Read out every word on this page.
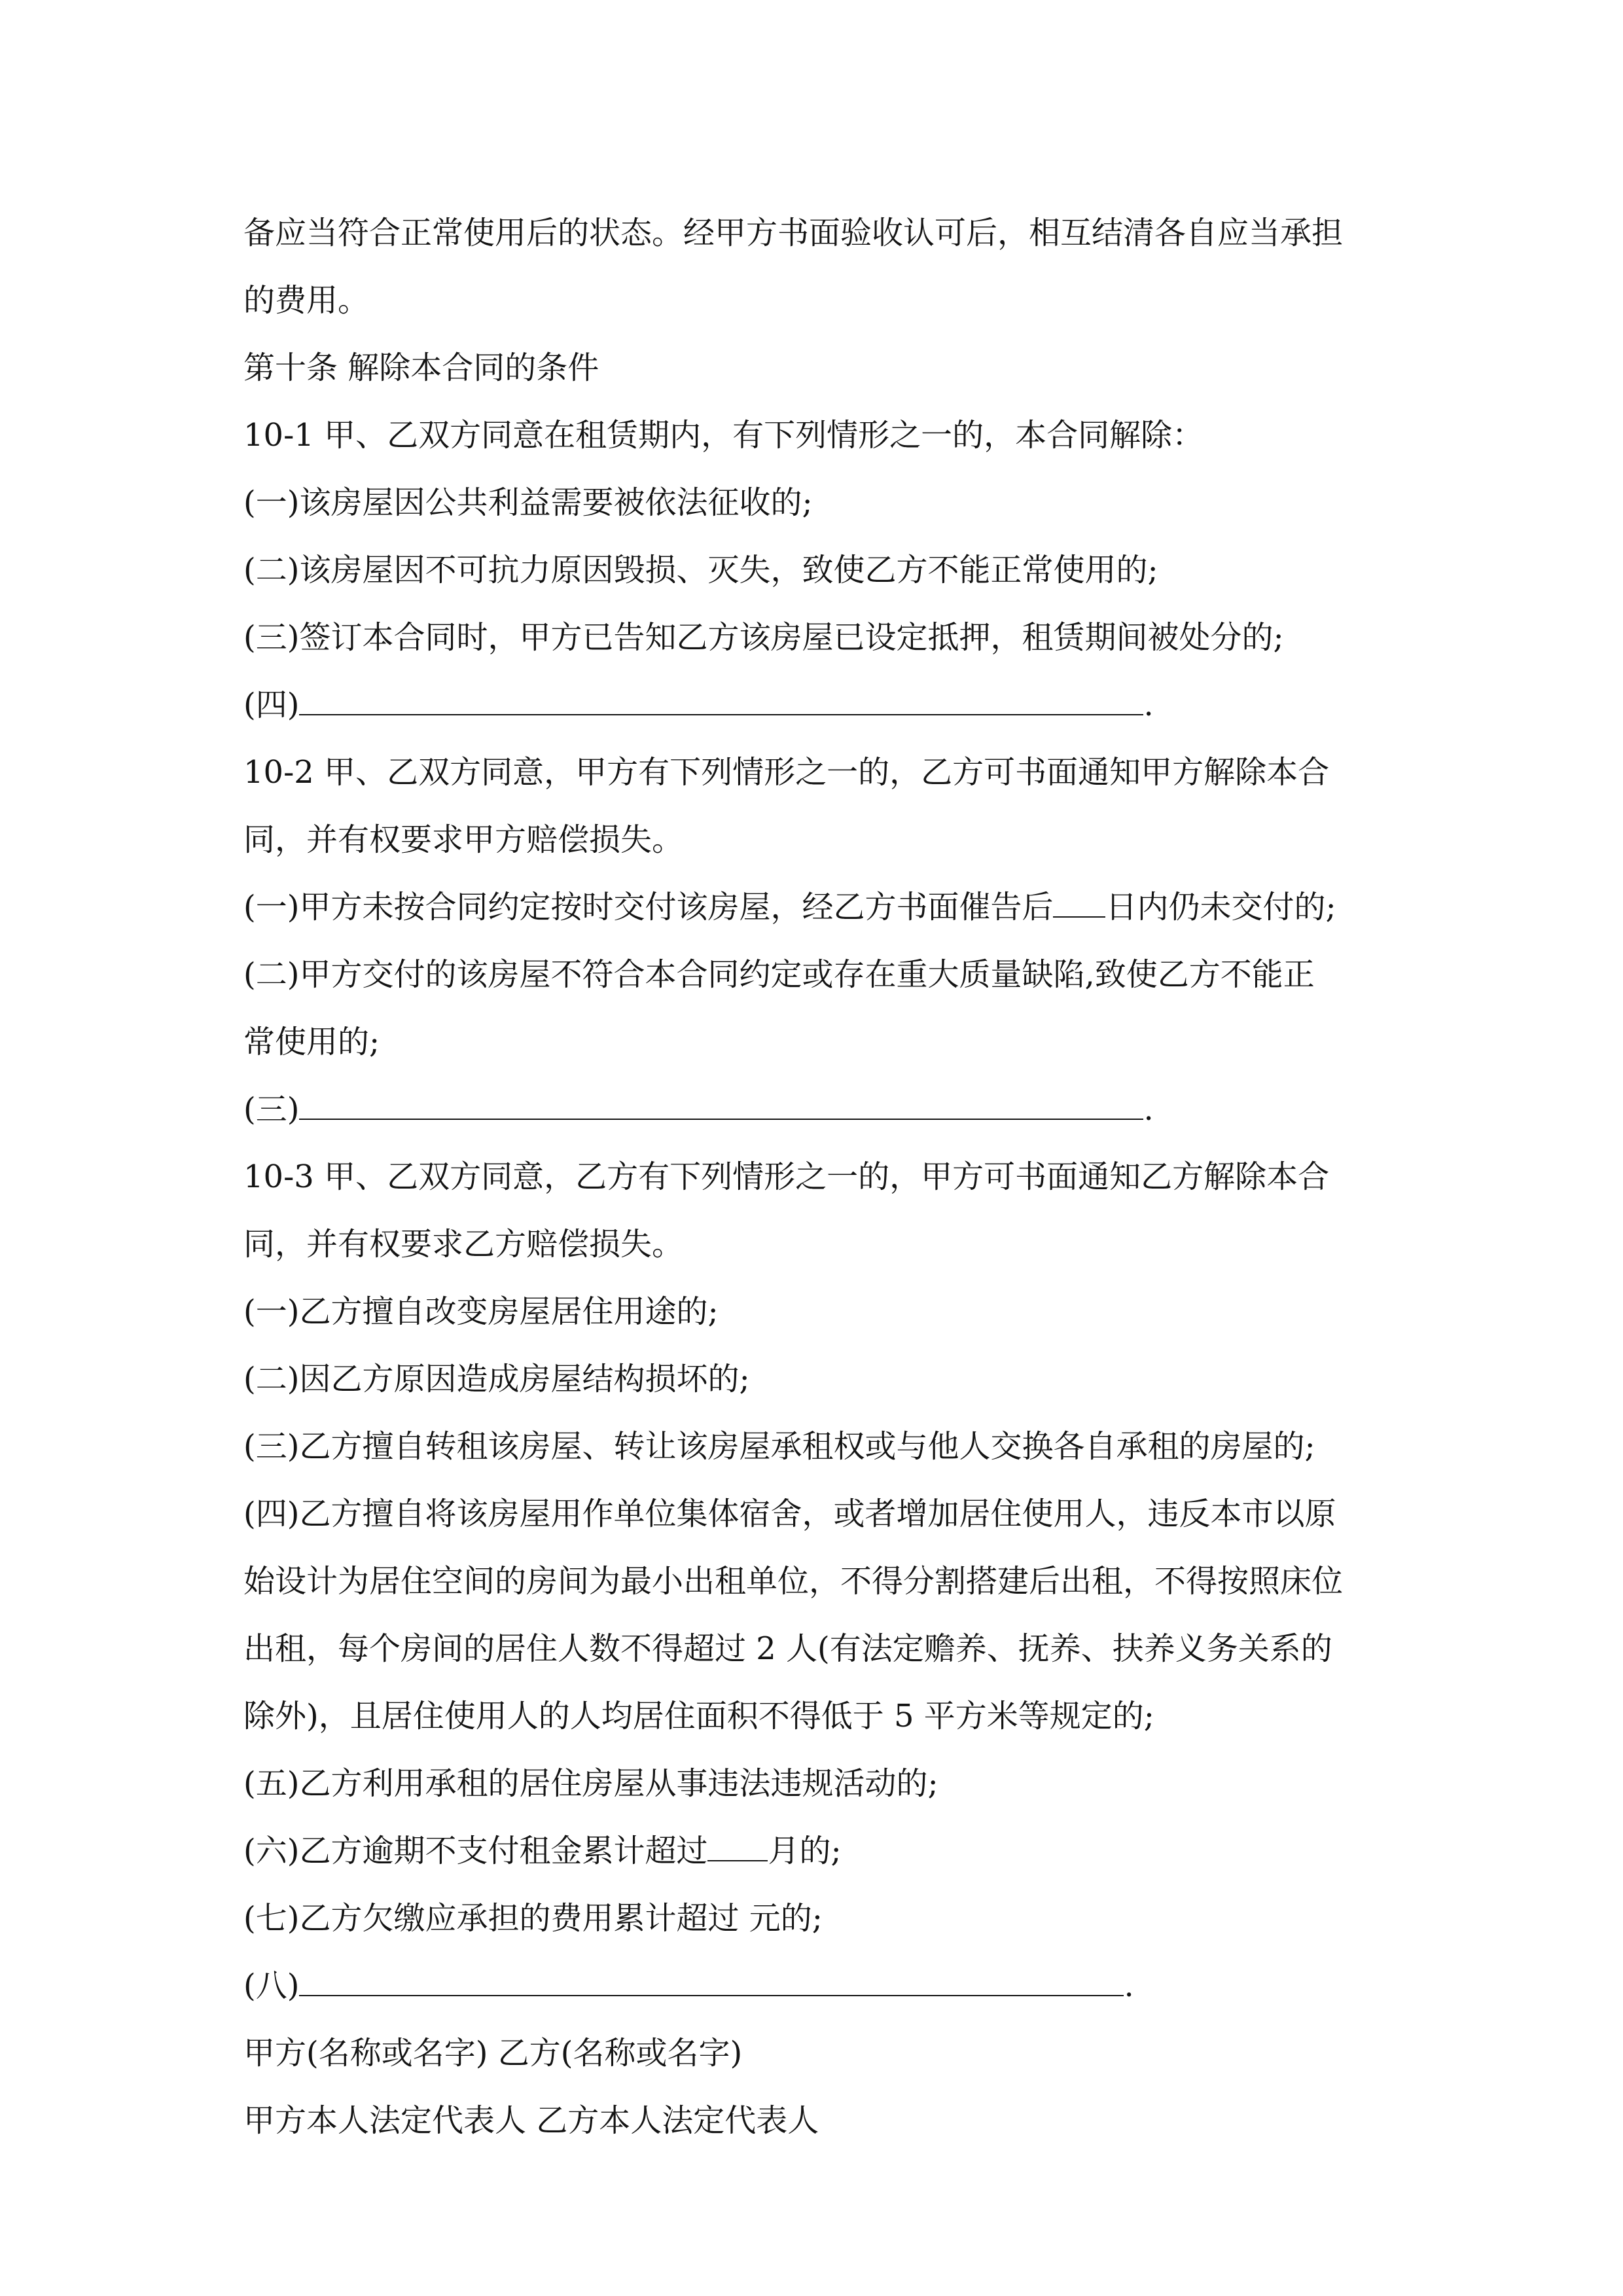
备应当符合正常使用后的状态。经甲方书面验收认可后，相互结清各自应当承担
的费用。
第十条 解除本合同的条件
10-1 甲、乙双方同意在租赁期内，有下列情形之一的，本合同解除：
(一)该房屋因公共利益需要被依法征收的;
(二)该房屋因不可抗力原因毁损、灭失，致使乙方不能正常使用的;
(三)签订本合同时，甲方已告知乙方该房屋已设定抵押，租赁期间被处分的;
(四)	.
10-2 甲、乙双方同意，甲方有下列情形之一的，乙方可书面通知甲方解除本合
同，并有权要求甲方赔偿损失。
(一)甲方未按合同约定按时交付该房屋，经乙方书面催告后 日内仍未交付的;
(二)甲方交付的该房屋不符合本合同约定或存在重大质量缺陷,致使乙方不能正
常使用的;
(三)	.
10-3 甲、乙双方同意，乙方有下列情形之一的，甲方可书面通知乙方解除本合
同，并有权要求乙方赔偿损失。
(一)乙方擅自改变房屋居住用途的;
(二)因乙方原因造成房屋结构损坏的;
(三)乙方擅自转租该房屋、转让该房屋承租权或与他人交换各自承租的房屋的;
(四)乙方擅自将该房屋用作单位集体宿舍，或者增加居住使用人，违反本市以原
始设计为居住空间的房间为最小出租单位，不得分割搭建后出租，不得按照床位
出租，每个房间的居住人数不得超过 2 人(有法定赡养、抚养、扶养义务关系的
除外)，且居住使用人的人均居住面积不得低于 5 平方米等规定的;
(五)乙方利用承租的居住房屋从事违法违规活动的;
(六)乙方逾期不支付租金累计超过 月的;
(七)乙方欠缴应承担的费用累计超过 元的;
(八)	.
甲方(名称或名字) 乙方(名称或名字)
甲方本人法定代表人 乙方本人法定代表人
